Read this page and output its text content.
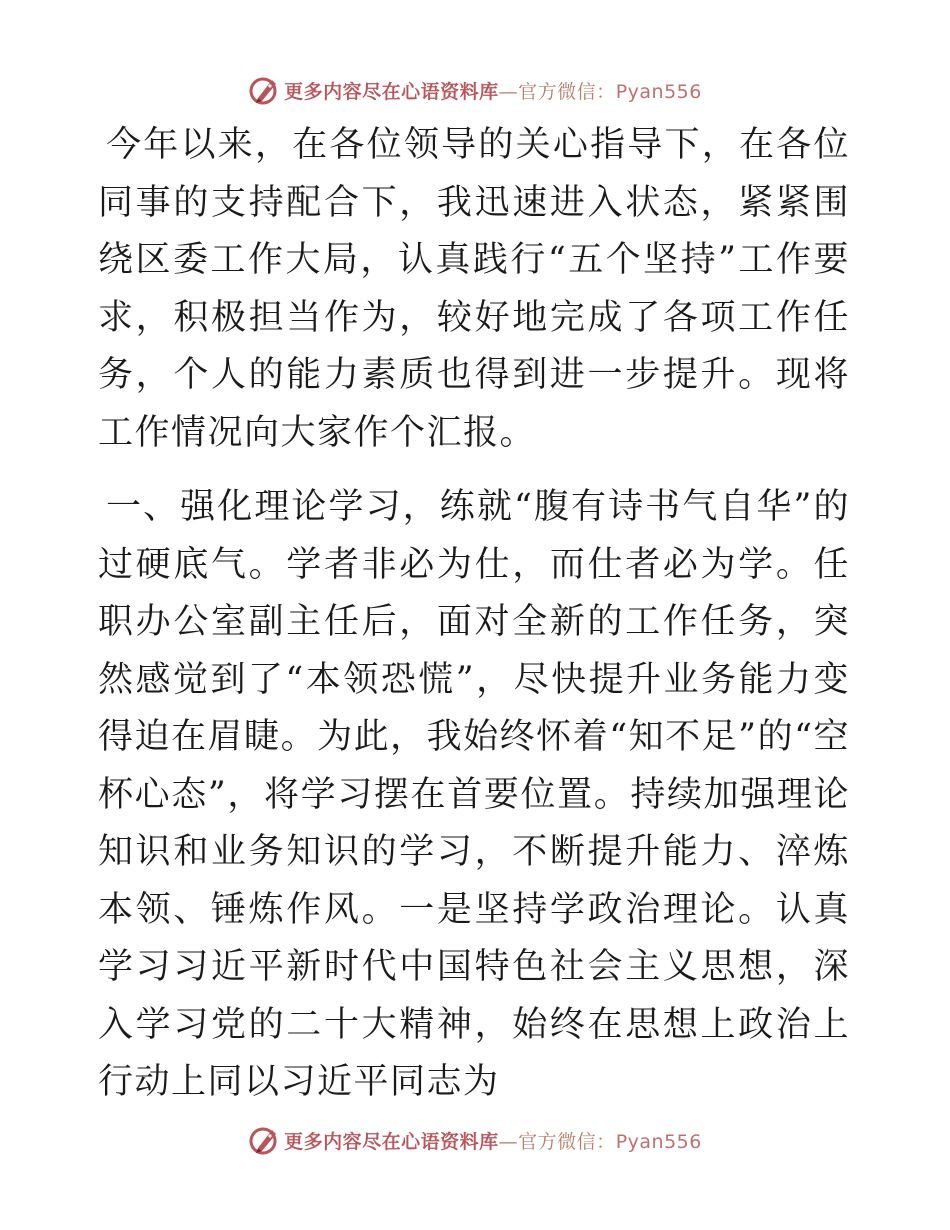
更多内容尽在心语资料库—官方微信：Pyan556

今年以来，在各位领导的关心指导下，在各位同事的支持配合下，我迅速进入状态，紧紧围绕区委工作大局，认真践行“五个坚持”工作要求，积极担当作为，较好地完成了各项工作任务，个人的能力素质也得到进一步提升。现将工作情况向大家作个汇报。

一、强化理论学习，练就“腹有诗书气自华”的过硬底气。学者非必为仕，而仕者必为学。任职办公室副主任后，面对全新的工作任务，突然感觉到了“本领恐慌”，尽快提升业务能力变得迫在眉睫。为此，我始终怀着“知不足”的“空杯心态”，将学习摆在首要位置。持续加强理论知识和业务知识的学习，不断提升能力、淬炼本领、锤炼作风。一是坚持学政治理论。认真学习习近平新时代中国特色社会主义思想，深入学习党的二十大精神，始终在思想上政治上行动上同以习近平同志为

更多内容尽在心语资料库—官方微信：Pyan556
